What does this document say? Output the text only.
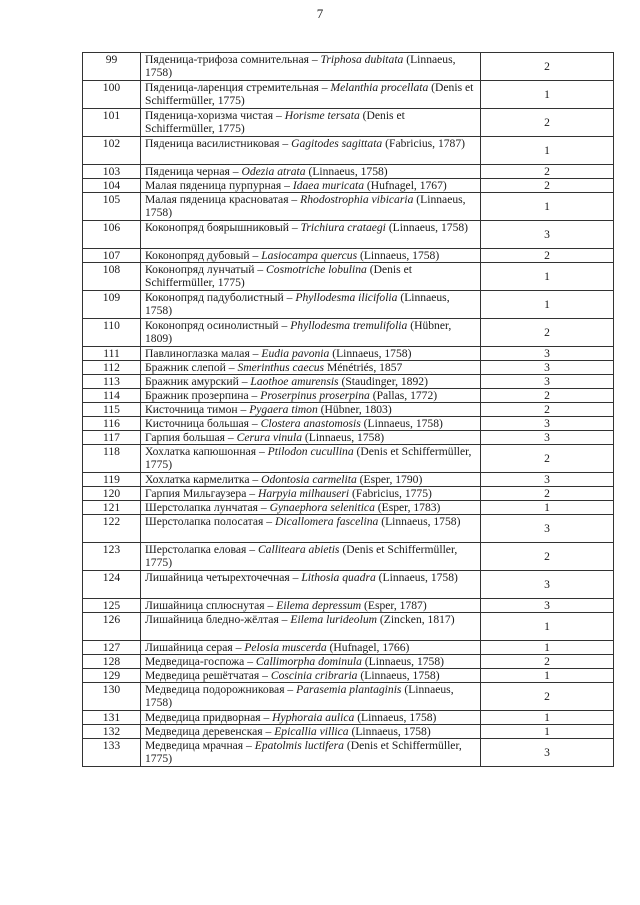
7
99	Пяденица-трифоза сомнительная – Triphosa dubitata (Linnaeus, 1758)	2
100	Пяденица-ларенция стремительная – Melanthia procellata (Denis et Schiffermüller, 1775)	1
101	Пяденица-хоризма чистая – Horisme tersata (Denis et Schiffermüller, 1775)	2
102	Пяденица василистниковая – Gagitodes sagittata (Fabricius, 1787)	1
103	Пяденица черная – Odezia atrata (Linnaeus, 1758)	2
104	Малая пяденица пурпурная – Idaea muricata (Hufnagel, 1767)	2
105	Малая пяденица красноватая – Rhodostrophia vibicaria (Linnaeus, 1758)	1
106	Коконопряд боярышниковый – Trichiura crataegi (Linnaeus, 1758)	3
107	Коконопряд дубовый – Lasiocampa quercus (Linnaeus, 1758)	2
108	Коконопряд лунчатый – Cosmotriche lobulina (Denis et Schiffermüller, 1775)	1
109	Коконопряд падуболистный – Phyllodesma ilicifolia (Linnaeus, 1758)	1
110	Коконопряд осинолистный – Phyllodesma tremulifolia (Hübner, 1809)	2
111	Павлиноглазка малая – Eudia pavonia (Linnaeus, 1758)	3
112	Бражник слепой – Smerinthus caecus Ménétriés, 1857	3
113	Бражник амурский – Laothoe amurensis (Staudinger, 1892)	3
114	Бражник прозерпина – Proserpinus proserpina (Pallas, 1772)	2
115	Кисточница тимон – Pygaera timon (Hübner, 1803)	2
116	Кисточница большая – Clostera anastomosis (Linnaeus, 1758)	3
117	Гарпия большая – Cerura vinula (Linnaeus, 1758)	3
118	Хохлатка капюшонная – Ptilodon cucullina (Denis et Schiffermüller, 1775)	2
119	Хохлатка кармелитка – Odontosia carmelita (Esper, 1790)	3
120	Гарпия Мильгаузера – Harpyia milhauseri (Fabricius, 1775)	2
121	Шерстолапка лунчатая – Gynaephora selenitica (Esper, 1783)	1
122	Шерстолапка полосатая – Dicallomera fascelina (Linnaeus, 1758)	3
123	Шерстолапка еловая – Calliteara abietis (Denis et Schiffermüller, 1775)	2
124	Лишайница четырехточечная – Lithosia quadra (Linnaeus, 1758)	3
125	Лишайница сплюснутая – Eilema depressum (Esper, 1787)	3
126	Лишайница бледно-жёлтая – Eilema lurideolum (Zincken, 1817)	1
127	Лишайница серая – Pelosia muscerda (Hufnagel, 1766)	1
128	Медведица-госпожа – Callimorpha dominula (Linnaeus, 1758)	2
129	Медведица решётчатая – Coscinia cribraria (Linnaeus, 1758)	1
130	Медведица подорожниковая – Parasemia plantaginis (Linnaeus, 1758)	2
131	Медведица придворная – Hyphoraia aulica (Linnaeus, 1758)	1
132	Медведица деревенская – Epicallia villica (Linnaeus, 1758)	1
133	Медведица мрачная – Epatolmis luctifera (Denis et Schiffermüller, 1775)	3
